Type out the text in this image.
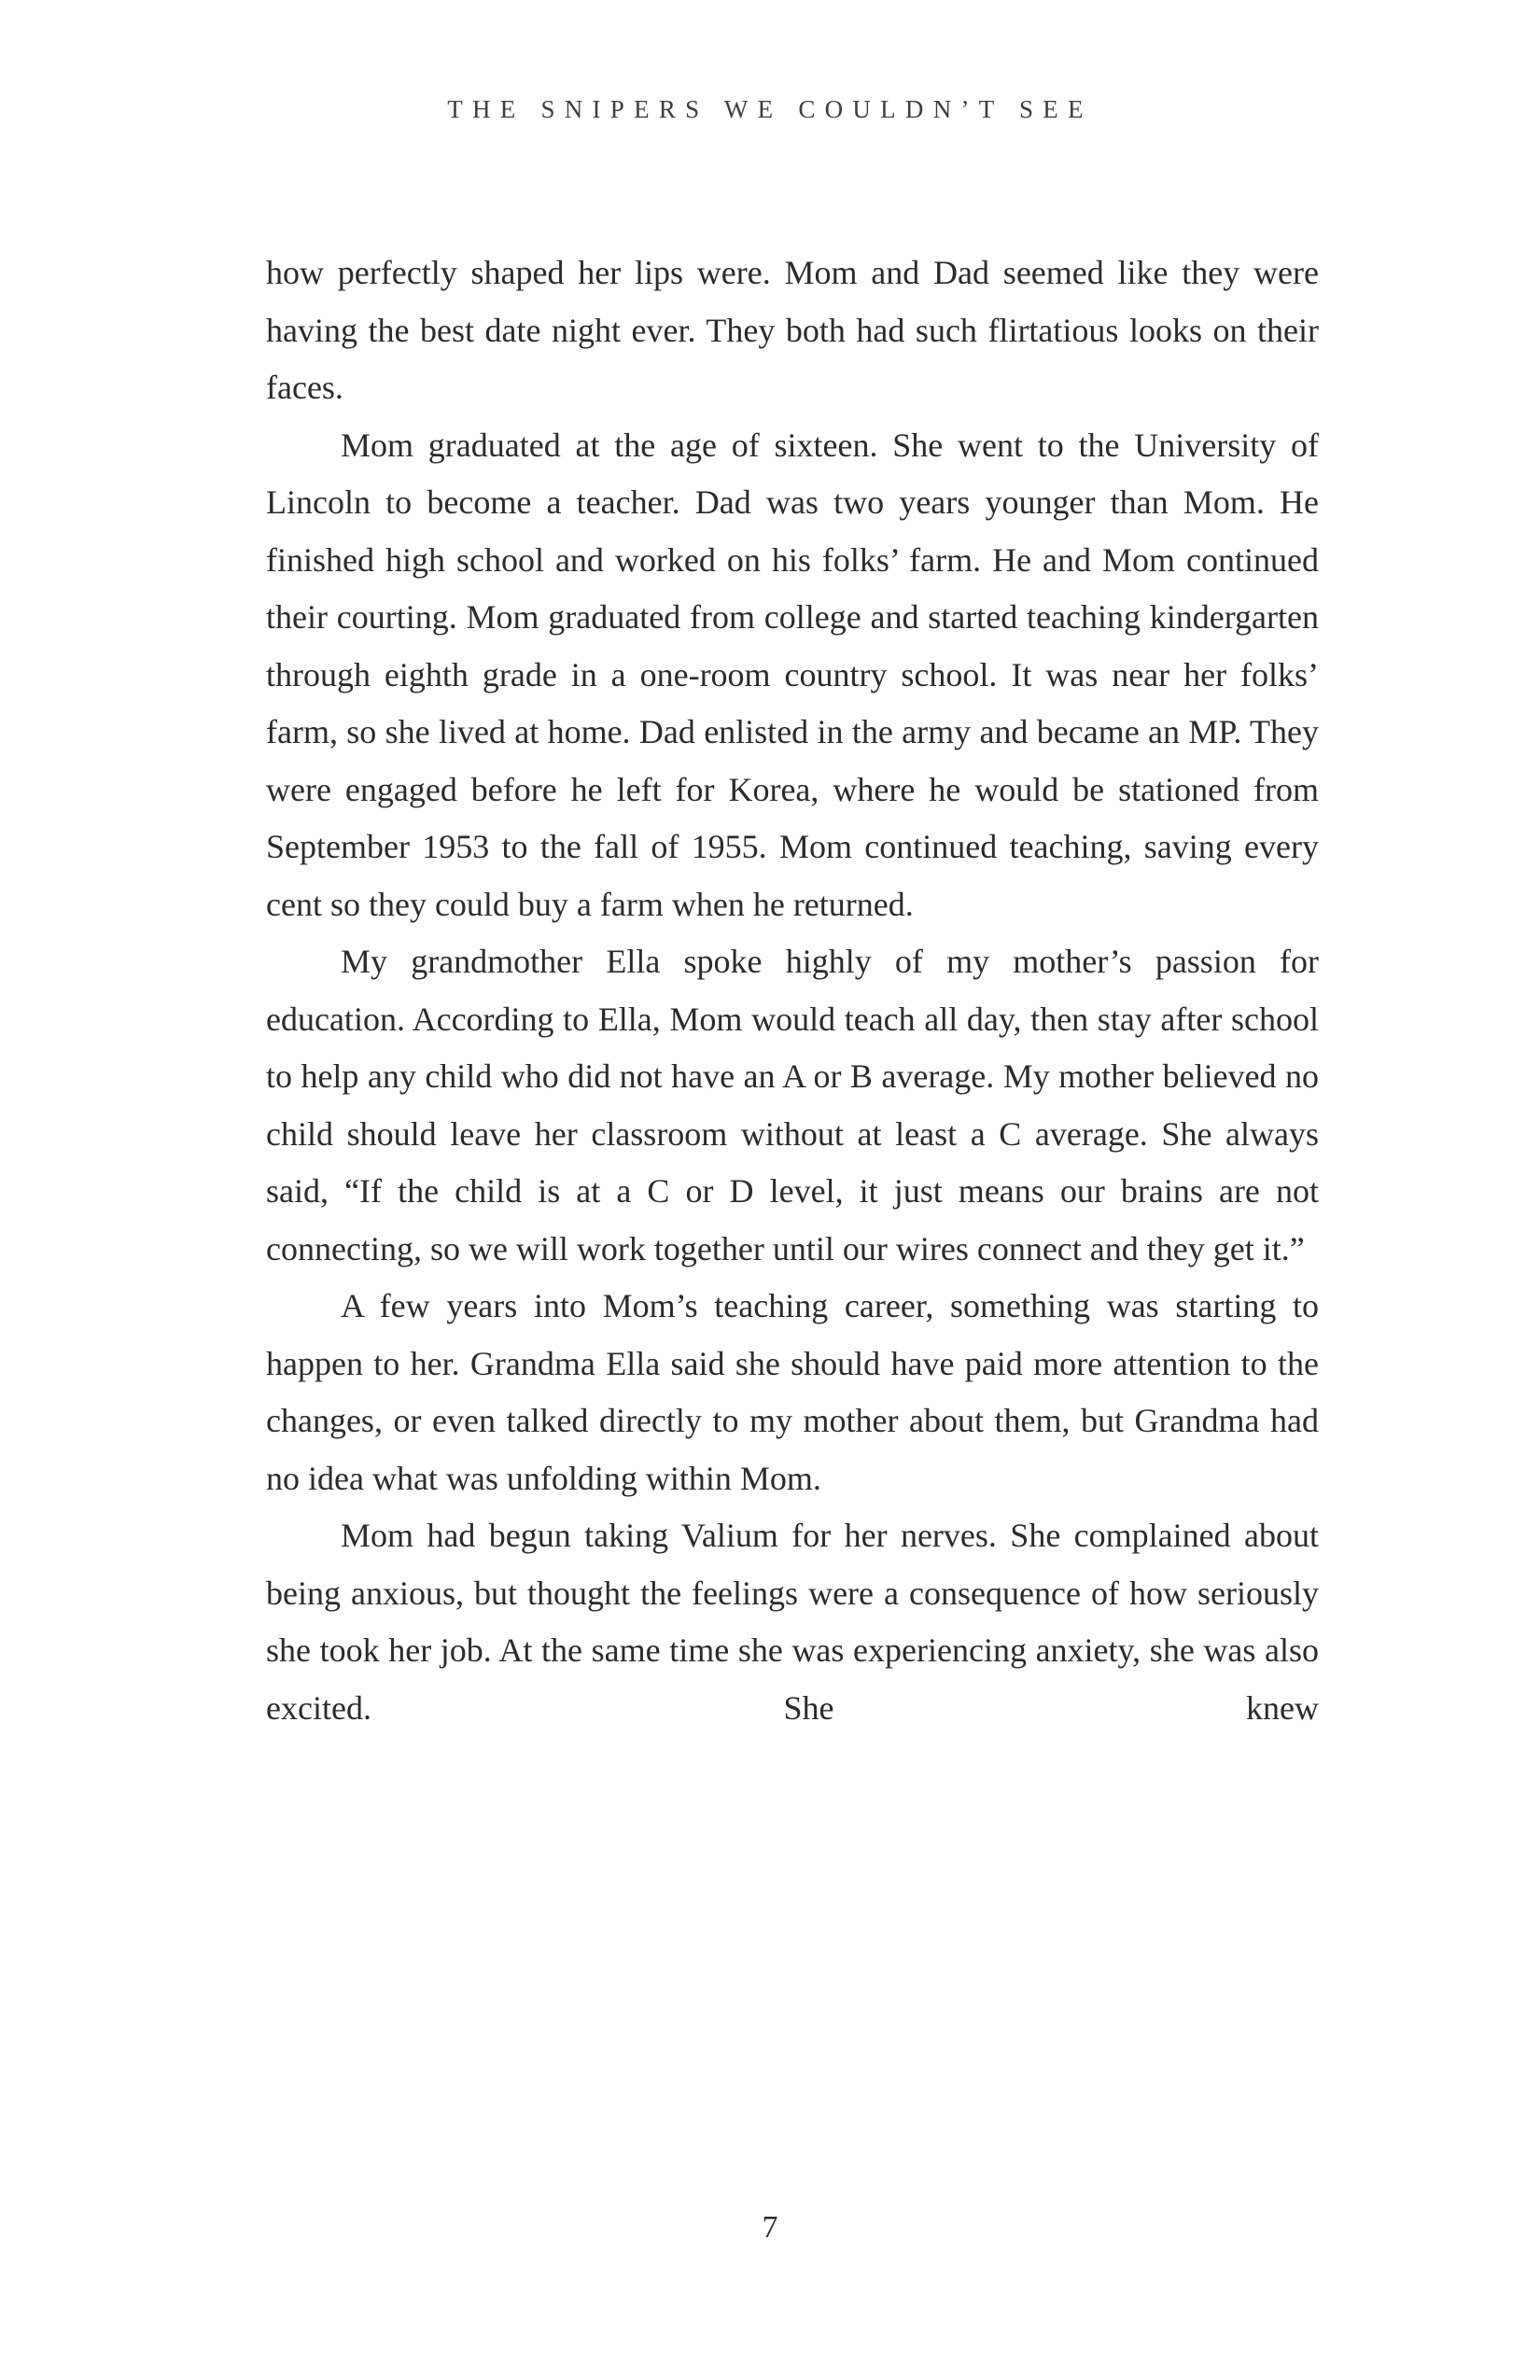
THE SNIPERS WE COULDN’T SEE

how perfectly shaped her lips were. Mom and Dad seemed like they were having the best date night ever. They both had such flirtatious looks on their faces.

Mom graduated at the age of sixteen. She went to the University of Lincoln to become a teacher. Dad was two years younger than Mom. He finished high school and worked on his folks’ farm. He and Mom continued their courting. Mom graduated from college and started teaching kindergarten through eighth grade in a one-room country school. It was near her folks’ farm, so she lived at home. Dad enlisted in the army and became an MP. They were engaged before he left for Korea, where he would be stationed from September 1953 to the fall of 1955. Mom continued teaching, saving every cent so they could buy a farm when he returned.

My grandmother Ella spoke highly of my mother’s passion for education. According to Ella, Mom would teach all day, then stay after school to help any child who did not have an A or B average. My mother believed no child should leave her classroom without at least a C average. She always said, “If the child is at a C or D level, it just means our brains are not connecting, so we will work together until our wires connect and they get it.”

A few years into Mom’s teaching career, something was starting to happen to her. Grandma Ella said she should have paid more attention to the changes, or even talked directly to my mother about them, but Grandma had no idea what was unfolding within Mom.

Mom had begun taking Valium for her nerves. She complained about being anxious, but thought the feelings were a consequence of how seriously she took her job. At the same time she was experiencing anxiety, she was also excited. She knew

7
